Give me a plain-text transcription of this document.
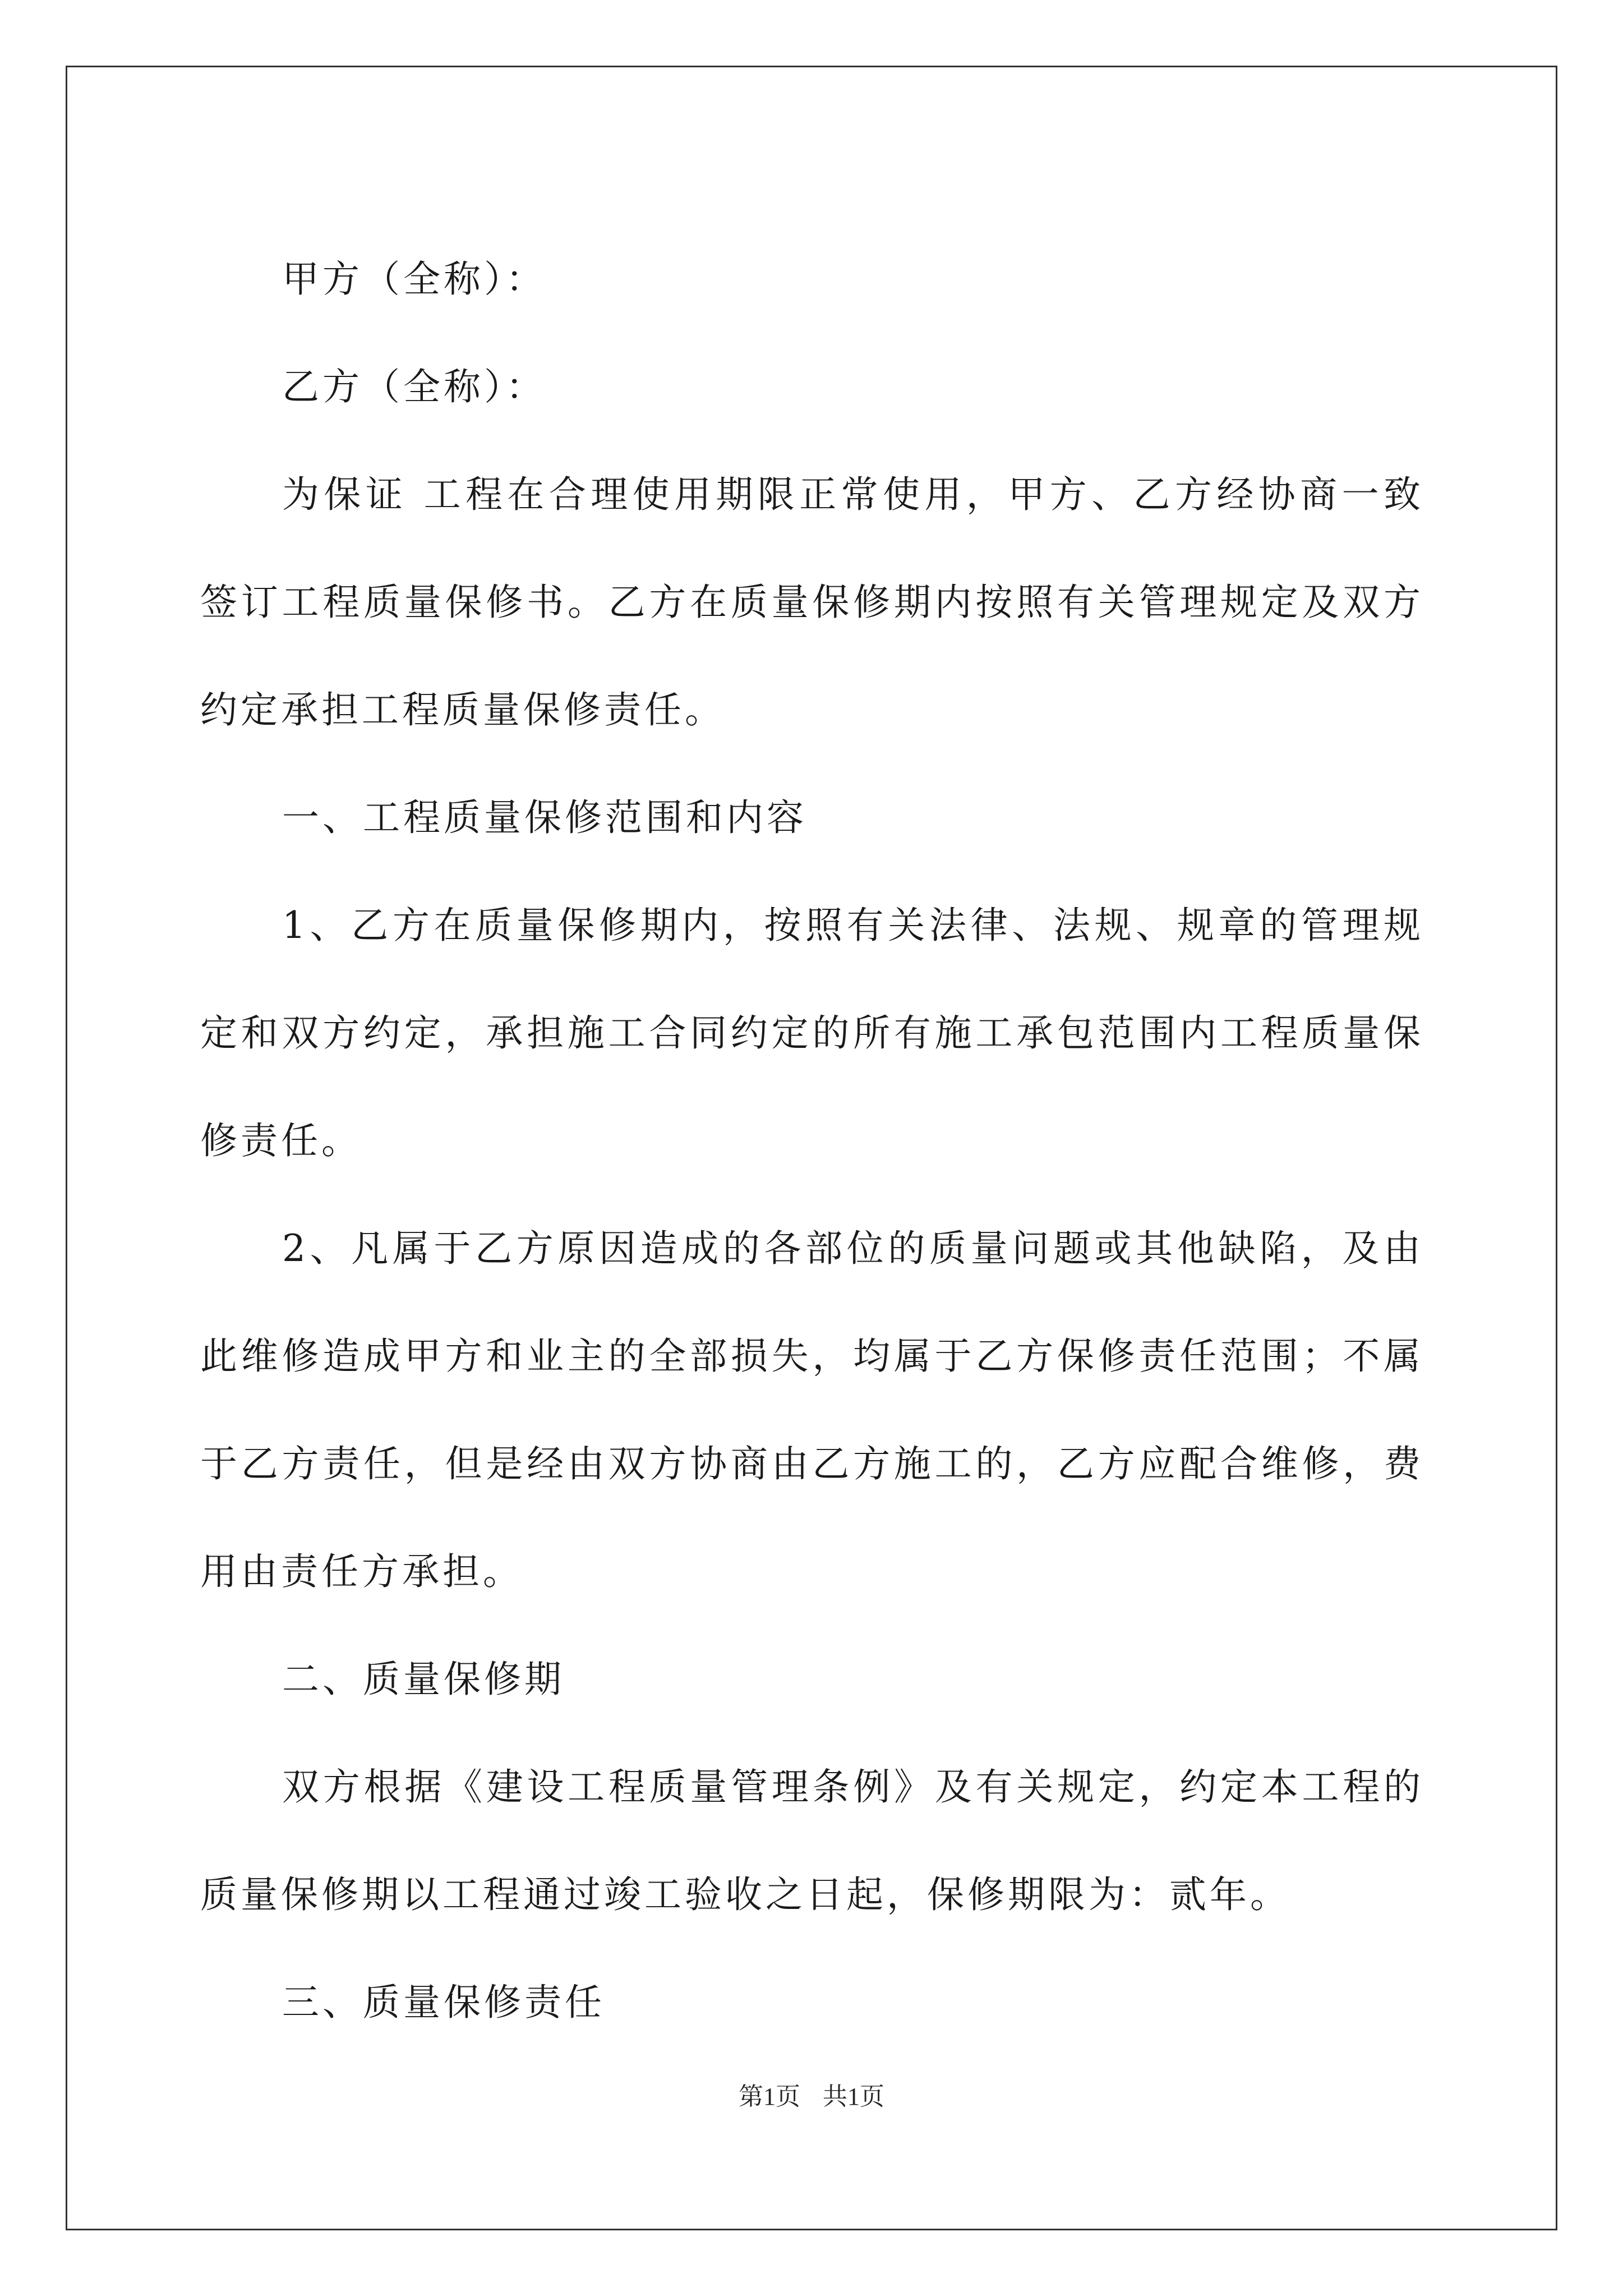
甲方（全称）：

乙方（全称）：

为保证 工程在合理使用期限正常使用，甲方、乙方经协商一致签订工程质量保修书。乙方在质量保修期内按照有关管理规定及双方约定承担工程质量保修责任。

一、工程质量保修范围和内容

1、乙方在质量保修期内，按照有关法律、法规、规章的管理规定和双方约定，承担施工合同约定的所有施工承包范围内工程质量保修责任。

2、凡属于乙方原因造成的各部位的质量问题或其他缺陷，及由此维修造成甲方和业主的全部损失，均属于乙方保修责任范围；不属于乙方责任，但是经由双方协商由乙方施工的，乙方应配合维修，费用由责任方承担。

二、质量保修期

双方根据《建设工程质量管理条例》及有关规定，约定本工程的质量保修期以工程通过竣工验收之日起，保修期限为：贰年。

三、质量保修责任

第1页 共1页
